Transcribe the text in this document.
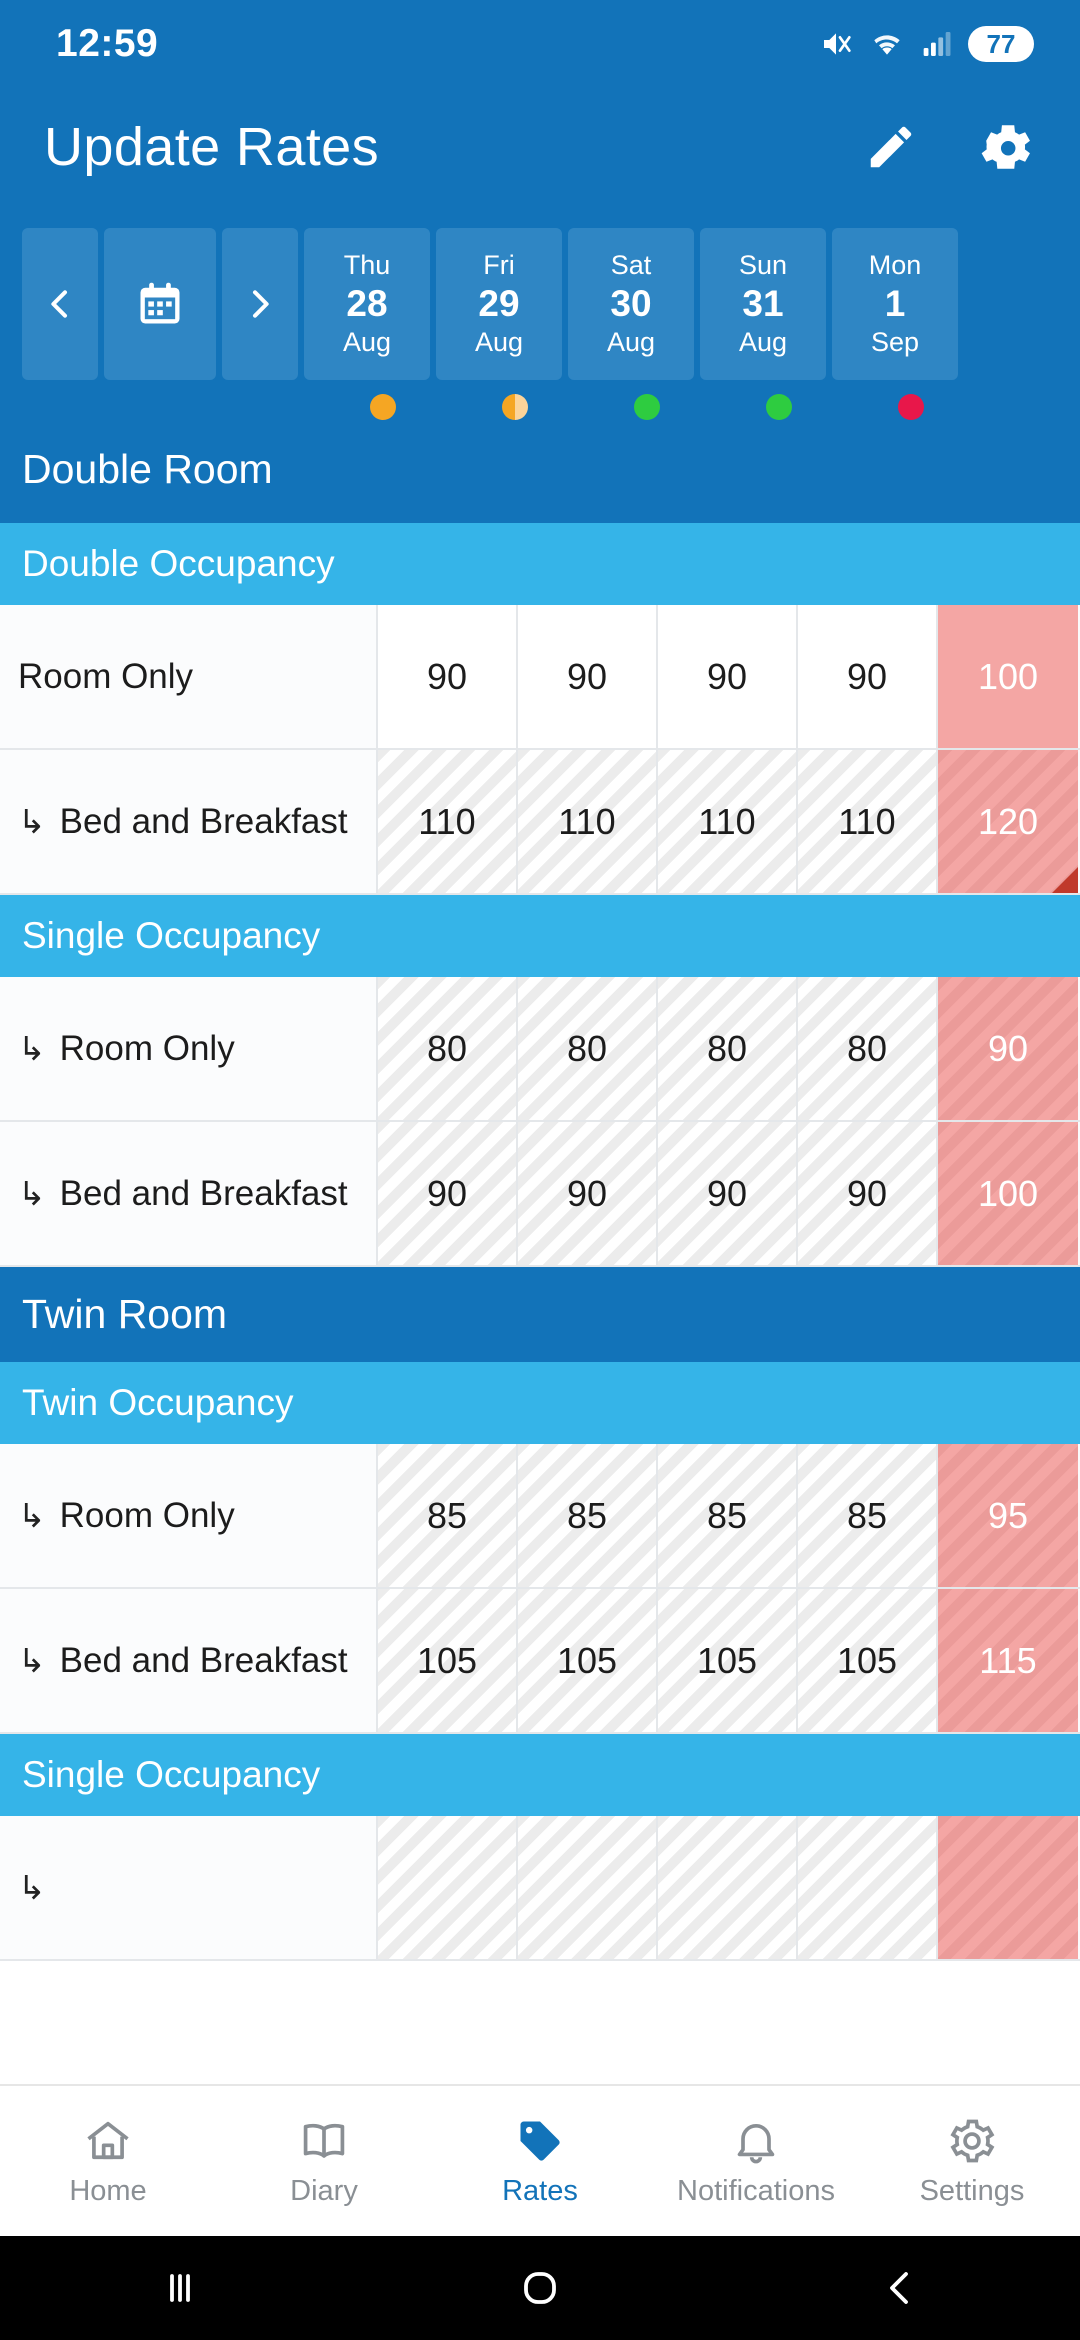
12:59	77
Update Rates
Thu
28
Aug
Fri
29
Aug
Sat
30
Aug
Sun
31
Aug
Mon
1
Sep
Double Room
Double Occupancy
Room Only	90	90	90	90	100
↳ Bed and Breakfast	110	110	110	110	120
Single Occupancy
↳ Room Only	80	80	80	80	90
↳ Bed and Breakfast	90	90	90	90	100
Twin Room
Twin Occupancy
↳ Room Only	85	85	85	85	95
↳ Bed and Breakfast	105	105	105	105	115
Single Occupancy
↳
Home	Diary	Rates	Notifications	Settings
